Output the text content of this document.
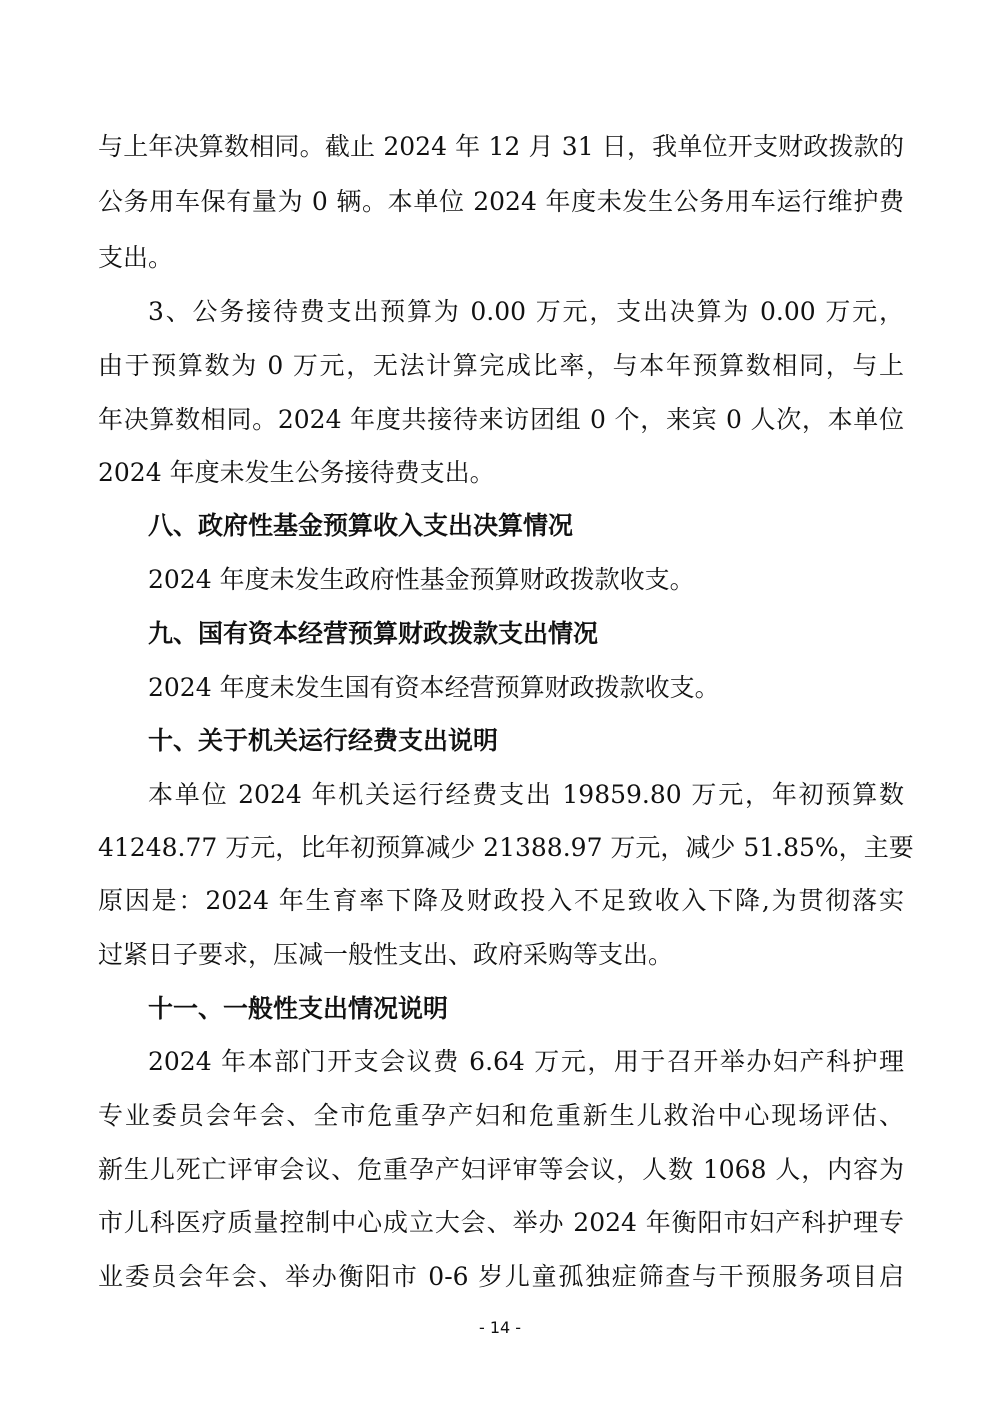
与上年决算数相同。截止 2024 年 12 月 31 日，我单位开支财政拨款的
公务用车保有量为 0 辆。本单位 2024 年度未发生公务用车运行维护费
支出。
3、公务接待费支出预算为 0.00 万元，支出决算为 0.00 万元，
由于预算数为 0 万元，无法计算完成比率，与本年预算数相同，与上
年决算数相同。2024 年度共接待来访团组 0 个，来宾 0 人次，本单位
2024 年度未发生公务接待费支出。
八、政府性基金预算收入支出决算情况
2024 年度未发生政府性基金预算财政拨款收支。
九、国有资本经营预算财政拨款支出情况
2024 年度未发生国有资本经营预算财政拨款收支。
十、关于机关运行经费支出说明
本单位 2024 年机关运行经费支出 19859.80 万元，年初预算数
41248.77 万元，比年初预算减少 21388.97 万元，减少 51.85%，主要
原因是：2024 年生育率下降及财政投入不足致收入下降,为贯彻落实
过紧日子要求，压减一般性支出、政府采购等支出。
十一、一般性支出情况说明
2024 年本部门开支会议费 6.64 万元，用于召开举办妇产科护理
专业委员会年会、全市危重孕产妇和危重新生儿救治中心现场评估、
新生儿死亡评审会议、危重孕产妇评审等会议，人数 1068 人，内容为
市儿科医疗质量控制中心成立大会、举办 2024 年衡阳市妇产科护理专
业委员会年会、举办衡阳市 0-6 岁儿童孤独症筛查与干预服务项目启
- 14 -
